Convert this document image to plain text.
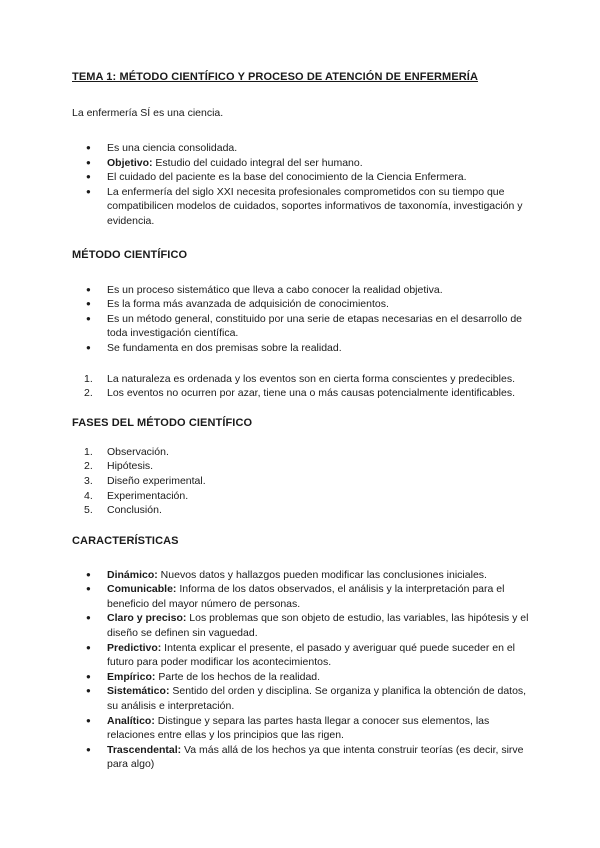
TEMA 1: MÉTODO CIENTÍFICO Y PROCESO DE ATENCIÓN DE ENFERMERÍA

La enfermería SÍ es una ciencia.

● Es una ciencia consolidada.
● Objetivo: Estudio del cuidado integral del ser humano.
● El cuidado del paciente es la base del conocimiento de la Ciencia Enfermera.
● La enfermería del siglo XXI necesita profesionales comprometidos con su tiempo que compatibilicen modelos de cuidados, soportes informativos de taxonomía, investigación y evidencia.
MÉTODO CIENTÍFICO
● Es un proceso sistemático que lleva a cabo conocer la realidad objetiva.
● Es la forma más avanzada de adquisición de conocimientos.
● Es un método general, constituido por una serie de etapas necesarias en el desarrollo de toda investigación científica.
● Se fundamenta en dos premisas sobre la realidad.
1. La naturaleza es ordenada y los eventos son en cierta forma conscientes y predecibles.
2. Los eventos no ocurren por azar, tiene una o más causas potencialmente identificables.
FASES DEL MÉTODO CIENTÍFICO
1. Observación.
2. Hipótesis.
3. Diseño experimental.
4. Experimentación.
5. Conclusión.
CARACTERÍSTICAS
● Dinámico: Nuevos datos y hallazgos pueden modificar las conclusiones iniciales.
● Comunicable: Informa de los datos observados, el análisis y la interpretación para el beneficio del mayor número de personas.
● Claro y preciso: Los problemas que son objeto de estudio, las variables, las hipótesis y el diseño se definen sin vaguedad.
● Predictivo: Intenta explicar el presente, el pasado y averiguar qué puede suceder en el futuro para poder modificar los acontecimientos.
● Empírico: Parte de los hechos de la realidad.
● Sistemático: Sentido del orden y disciplina. Se organiza y planifica la obtención de datos, su análisis e interpretación.
● Analítico: Distingue y separa las partes hasta llegar a conocer sus elementos, las relaciones entre ellas y los principios que las rigen.
● Trascendental: Va más allá de los hechos ya que intenta construir teorías (es decir, sirve para algo)
